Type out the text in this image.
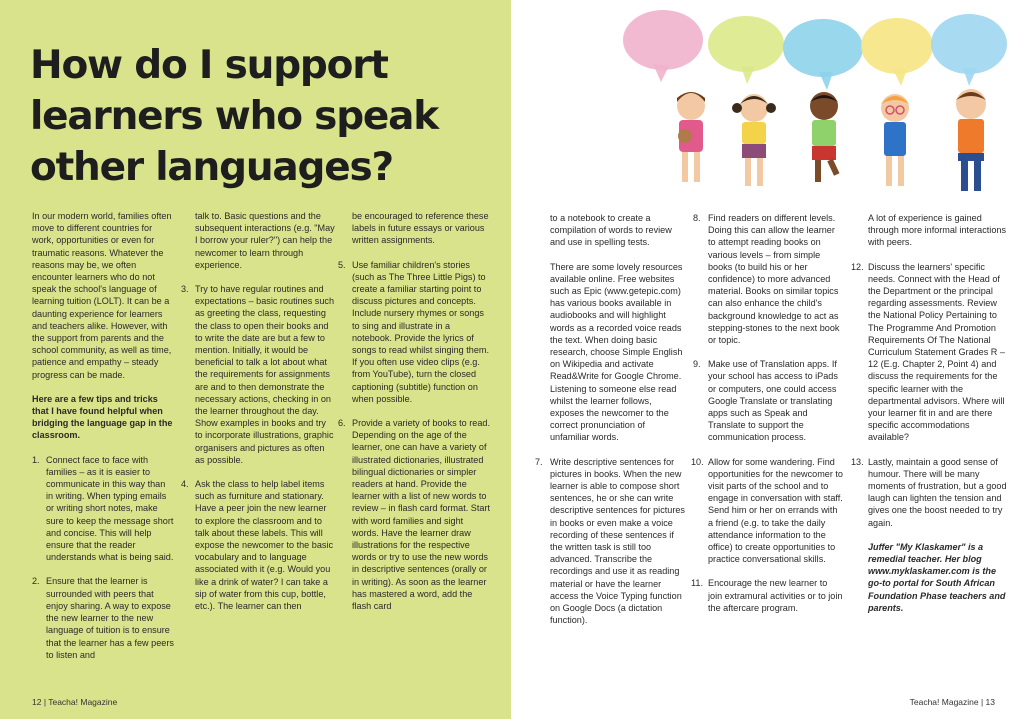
How do I support learners who speak other languages?

In our modern world, families often move to different countries for work, opportunities or even for traumatic reasons. Whatever the reasons may be, we often encounter learners who do not speak the school's language of learning tuition (LOLT). It can be a daunting experience for learners and teachers alike. However, with the support from parents and the school community, as well as time, patience and empathy – steady progress can be made.

Here are a few tips and tricks that I have found helpful when bridging the language gap in the classroom.

1. Connect face to face with families – as it is easier to communicate in this way than in writing. When typing emails or writing short notes, make sure to keep the message short and concise. This will help ensure that the reader understands what is being said.
2. Ensure that the learner is surrounded with peers that enjoy sharing. A way to expose the new learner to the new language of tuition is to ensure that the learner has a few peers to listen and

talk to. Basic questions and the subsequent interactions (e.g. "May I borrow your ruler?") can help the newcomer to learn through experience.

3. Try to have regular routines and expectations – basic routines such as greeting the class, requesting the class to open their books and to write the date are but a few to mention. Initially, it would be beneficial to talk a lot about what the requirements for assignments are and to then demonstrate the necessary actions, checking in on the learner throughout the day. Show examples in books and try to incorporate illustrations, graphic organisers and pictures as often as possible.
4. Ask the class to help label items such as furniture and stationary. Have a peer join the new learner to explore the classroom and to talk about these labels. This will expose the newcomer to the basic vocabulary and to language associated with it (e.g. Would you like a drink of water? I can take a sip of water from this cup, bottle, etc.). The learner can then

be encouraged to reference these labels in future essays or various written assignments.

5. Use familiar children's stories (such as The Three Little Pigs) to create a familiar starting point to discuss pictures and concepts. Include nursery rhymes or songs to sing and illustrate in a notebook. Provide the lyrics of songs to read whilst singing them. If you often use video clips (e.g. from YouTube), turn the closed captioning (subtitle) function on when possible.
6. Provide a variety of books to read. Depending on the age of the learner, one can have a variety of illustrated dictionaries, illustrated bilingual dictionaries or simpler readers at hand. Provide the learner with a list of new words to review – in flash card format. Start with word families and sight words. Have the learner draw illustrations for the respective words or try to use the new words in descriptive sentences (orally or in writing). As soon as the learner has mastered a word, add the flash card
12 | Teacha! Magazine

to a notebook to create a compilation of words to review and use in spelling tests.

There are some lovely resources available online. Free websites such as Epic (www.getepic.com) has various books available in audiobooks and will highlight words as a recorded voice reads the text. When doing basic research, choose Simple English on Wikipedia and activate Read&Write for Google Chrome. Listening to someone else read whilst the learner follows, exposes the newcomer to the correct pronunciation of unfamiliar words.

7. Write descriptive sentences for pictures in books. When the new learner is able to compose short sentences, he or she can write descriptive sentences for pictures in books or even make a voice recording of these sentences if the written task is still too advanced. Transcribe the recordings and use it as reading material or have the learner access the Voice Typing function on Google Docs (a dictation function).
8. Find readers on different levels. Doing this can allow the learner to attempt reading books on various levels – from simple books (to build his or her confidence) to more advanced material. Books on similar topics can also enhance the child's background knowledge to act as stepping-stones to the next book or topic.
9. Make use of Translation apps. If your school has access to iPads or computers, one could access Google Translate or translating apps such as Speak and Translate to support the communication process.
10. Allow for some wandering. Find opportunities for the newcomer to visit parts of the school and to engage in conversation with staff. Send him or her on errands with a friend (e.g. to take the daily attendance information to the office) to create opportunities to practice conversational skills.
11. Encourage the new learner to join extramural activities or to join the aftercare program.

A lot of experience is gained through more informal interactions with peers.

12. Discuss the learners' specific needs. Connect with the Head of the Department or the principal regarding assessments. Review the National Policy Pertaining to The Programme And Promotion Requirements Of The National Curriculum Statement Grades R – 12 (E.g. Chapter 2, Point 4) and discuss the requirements for the specific learner with the departmental advisors. Where will your learner fit in and are there specific accommodations available?
13. Lastly, maintain a good sense of humour. There will be many moments of frustration, but a good laugh can lighten the tension and gives one the boost needed to try again.

Juffer "My Klaskamer" is a remedial teacher. Her blog www.myklaskamer.com is the go-to portal for South African Foundation Phase teachers and parents.

Teacha! Magazine | 13
